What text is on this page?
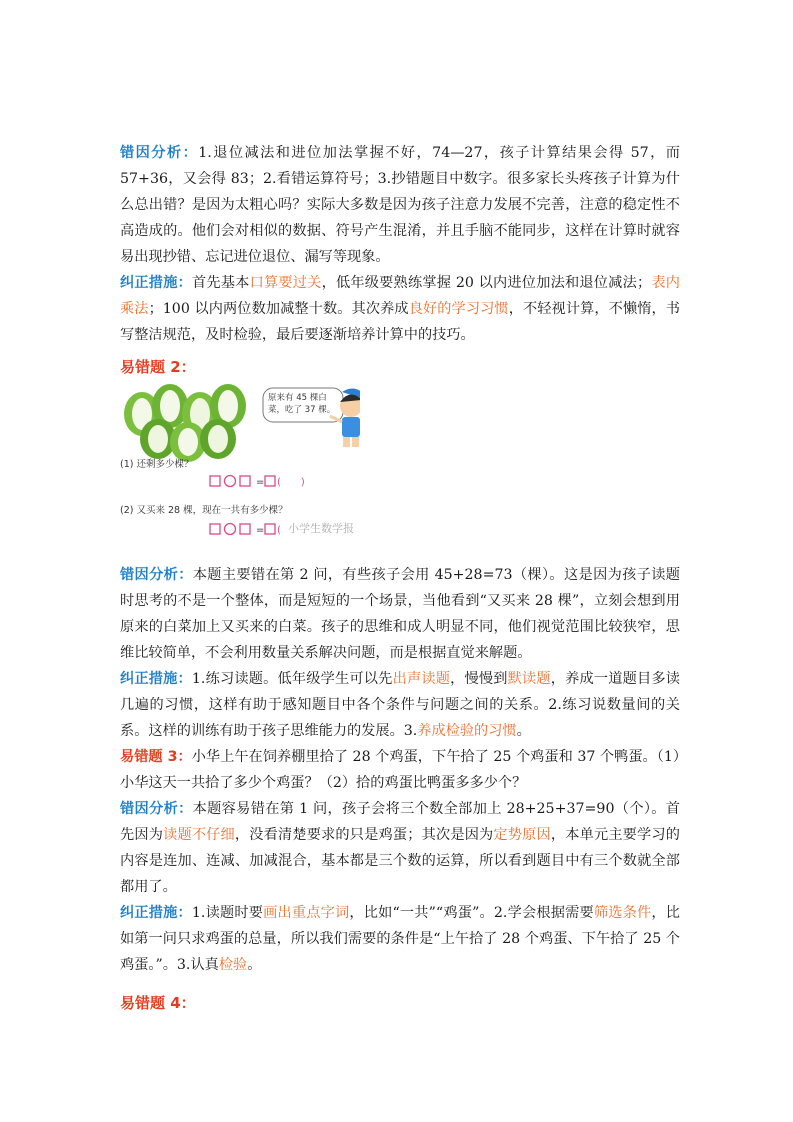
错因分析：1.退位减法和进位加法掌握不好，74—27，孩子计算结果会得 57，而 57+36，又会得 83；2.看错运算符号；3.抄错题目中数字。很多家长头疼孩子计算为什么总出错？是因为太粗心吗？实际大多数是因为孩子注意力发展不完善，注意的稳定性不高造成的。他们会对相似的数据、符号产生混淆，并且手脑不能同步，这样在计算时就容易出现抄错、忘记进位退位、漏写等现象。

纠正措施：首先基本口算要过关，低年级要熟练掌握 20 以内进位加法和退位减法；表内乘法；100 以内两位数加减整十数。其次养成良好的学习习惯，不轻视计算，不懒惰，书写整洁规范，及时检验，最后要逐渐培养计算中的技巧。

易错题 2：
=
=
(　　)
(
原来有 45 棵白菜，吃了 37 棵。
(1) 还剩多少棵？
(2) 又买来 28 棵，现在一共有多少棵？
小学生数学报

错因分析：本题主要错在第 2 问，有些孩子会用 45+28=73（棵）。这是因为孩子读题时思考的不是一个整体，而是短短的一个场景，当他看到“又买来 28 棵”，立刻会想到用原来的白菜加上又买来的白菜。孩子的思维和成人明显不同，他们视觉范围比较狭窄，思维比较简单，不会利用数量关系解决问题，而是根据直觉来解题。

纠正措施：1.练习读题。低年级学生可以先出声读题，慢慢到默读题，养成一道题目多读几遍的习惯，这样有助于感知题目中各个条件与问题之间的关系。2.练习说数量间的关系。这样的训练有助于孩子思维能力的发展。3.养成检验的习惯。

易错题 3：小华上午在饲养棚里拾了 28 个鸡蛋，下午拾了 25 个鸡蛋和 37 个鸭蛋。（1）小华这天一共拾了多少个鸡蛋？（2）拾的鸡蛋比鸭蛋多多少个？

错因分析：本题容易错在第 1 问，孩子会将三个数全部加上 28+25+37=90（个）。首先因为读题不仔细，没看清楚要求的只是鸡蛋；其次是因为定势原因，本单元主要学习的内容是连加、连减、加减混合，基本都是三个数的运算，所以看到题目中有三个数就全部都用了。

纠正措施：1.读题时要画出重点字词，比如“一共”“鸡蛋”。2.学会根据需要筛选条件，比如第一问只求鸡蛋的总量，所以我们需要的条件是“上午拾了 28 个鸡蛋、下午拾了 25 个鸡蛋。”。3.认真检验。

易错题 4：
